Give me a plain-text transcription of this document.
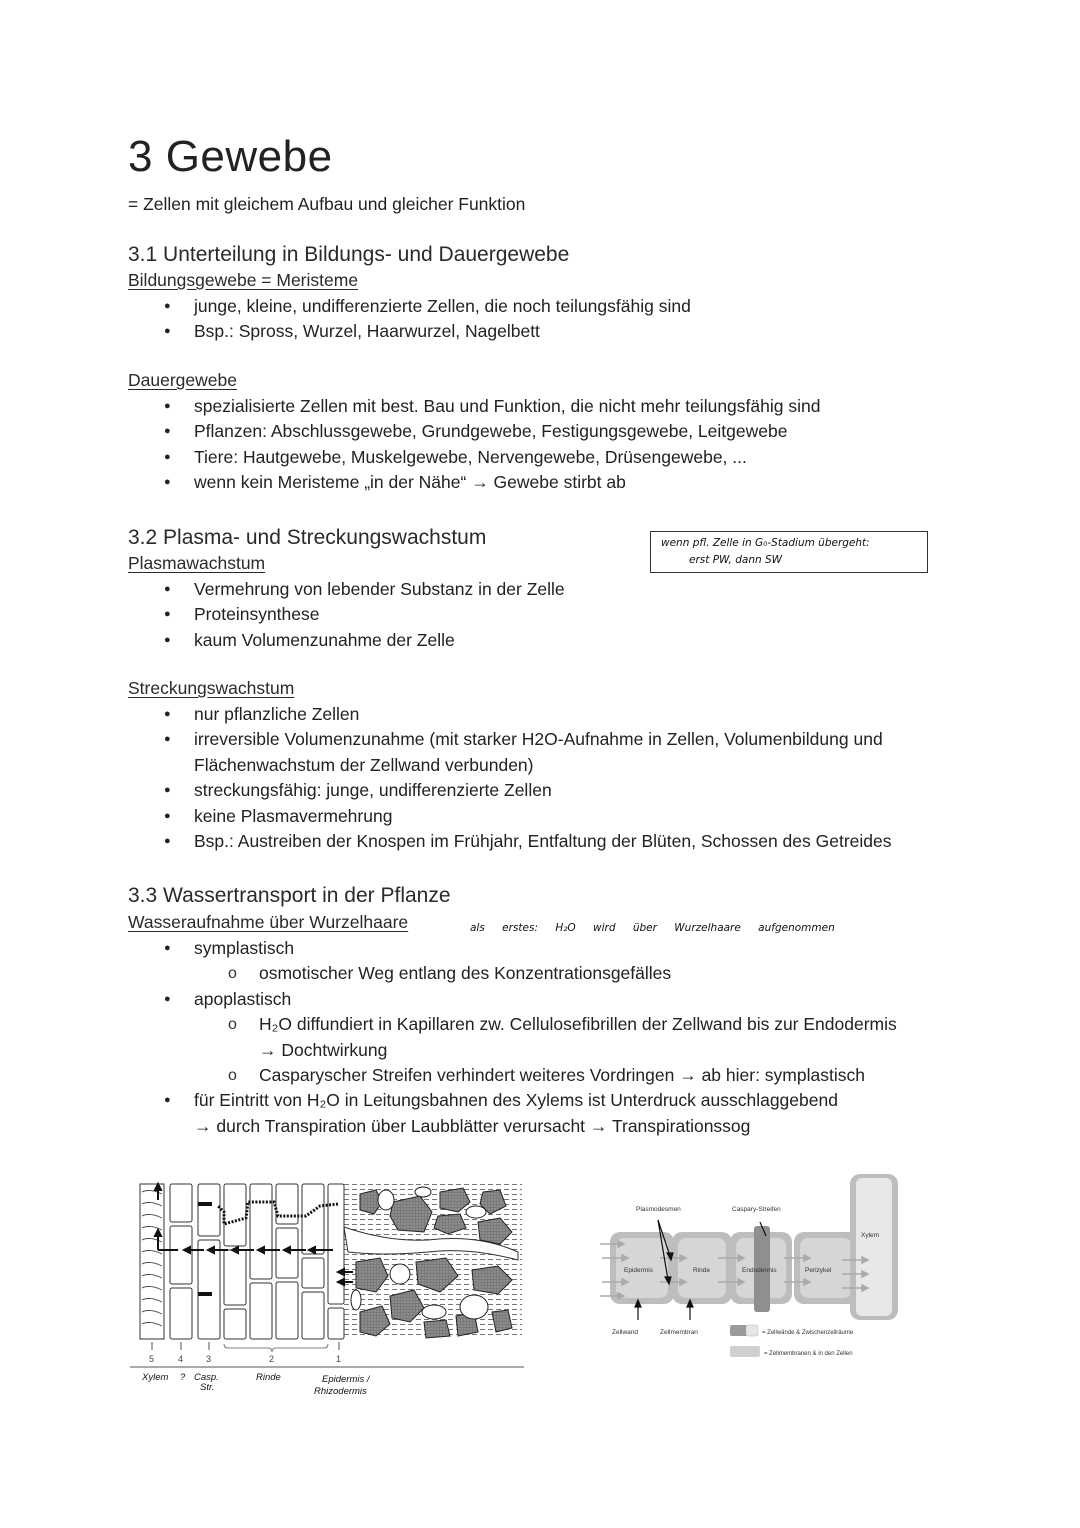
3 Gewebe
= Zellen mit gleichem Aufbau und gleicher Funktion
3.1 Unterteilung in Bildungs- und Dauergewebe
Bildungsgewebe = Meristeme
● junge, kleine, undifferenzierte Zellen, die noch teilungsfähig sind
● Bsp.: Spross, Wurzel, Haarwurzel, Nagelbett
Dauergewebe
● spezialisierte Zellen mit best. Bau und Funktion, die nicht mehr teilungsfähig sind
● Pflanzen: Abschlussgewebe, Grundgewebe, Festigungsgewebe, Leitgewebe
● Tiere: Hautgewebe, Muskelgewebe, Nervengewebe, Drüsengewebe, ...
● wenn kein Meristeme „in der Nähe“ → Gewebe stirbt ab
3.2 Plasma- und Streckungswachstum	wenn pfl. Zelle in G₀-Stadium übergeht:
erst PW, dann SW
Plasmawachstum
● Vermehrung von lebender Substanz in der Zelle
● Proteinsynthese
● kaum Volumenzunahme der Zelle
Streckungswachstum
● nur pflanzliche Zellen
● irreversible Volumenzunahme (mit starker H2O-Aufnahme in Zellen, Volumenbildung und
Flächenwachstum der Zellwand verbunden)
● streckungsfähig: junge, undifferenzierte Zellen
● keine Plasmavermehrung
● Bsp.: Austreiben der Knospen im Frühjahr, Entfaltung der Blüten, Schossen des Getreides
3.3 Wassertransport in der Pflanze
Wasseraufnahme über Wurzelhaare	als erstes: H₂O wird über Wurzelhaare aufgenommen
● symplastisch
o osmotischer Weg entlang des Konzentrationsgefälles
● apoplastisch
o H₂O diffundiert in Kapillaren zw. Cellulosefibrillen der Zellwand bis zur Endodermis
→ Dochtwirkung
o Casparyscher Streifen verhindert weiteres Vordringen → ab hier: symplastisch
● für Eintritt von H₂O in Leitungsbahnen des Xylems ist Unterdruck ausschlaggebend
→ durch Transpiration über Laubblätter verursacht → Transpirationssog
5	4	3	2	1
Xylem ? Casp.
Str.
Rinde	Epidermis /
Rhizodermis
Plasmodesmen	Caspary-Streifen
Xylem
Epidermis	Rinde	Endodermis	Perizykel
Zellwand	Zellmembran	= Zellwände & Zwischenzellräume
= Zellmembranen & in den Zellen
